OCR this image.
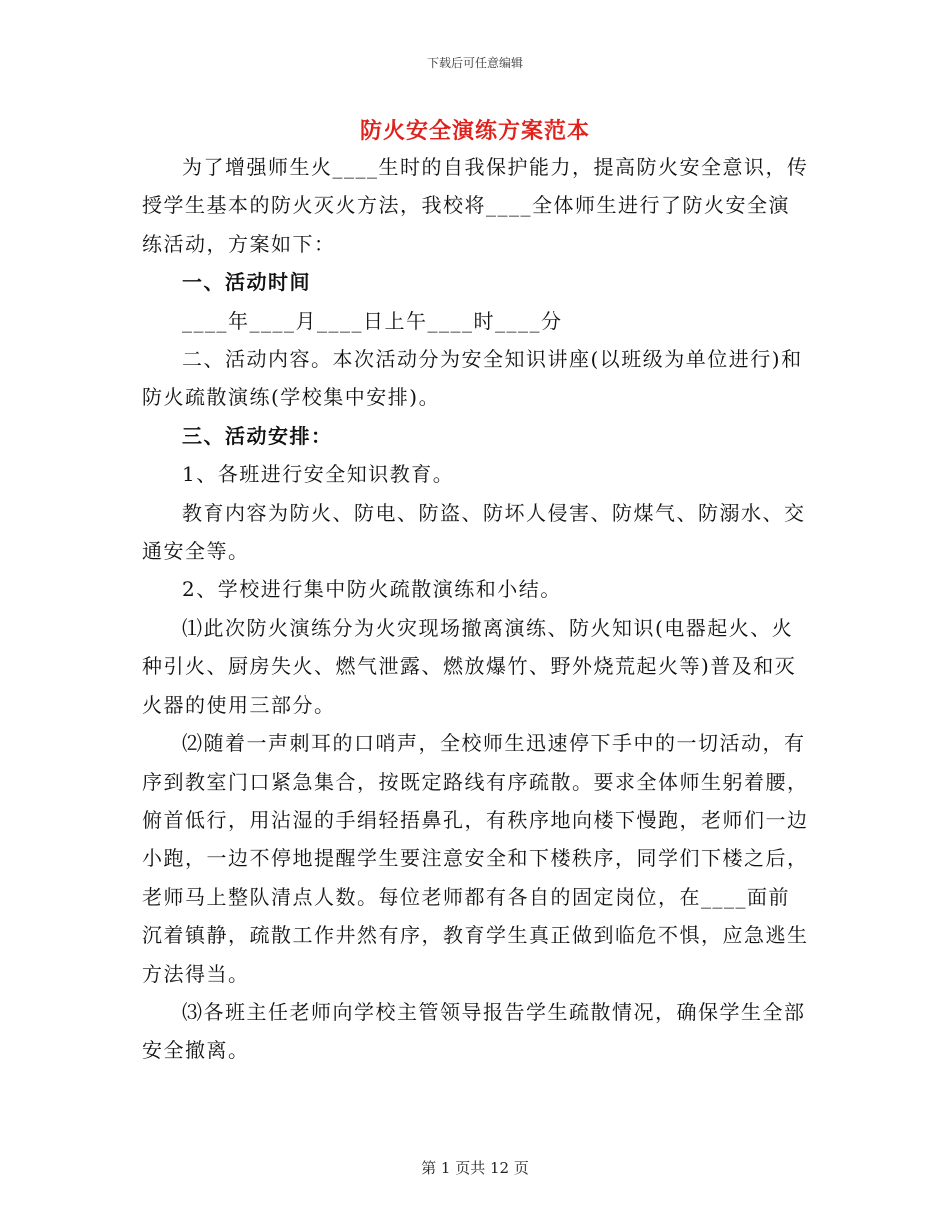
下载后可任意编辑
防火安全演练方案范本

为了增强师生火____生时的自我保护能力，提高防火安全意识，传授学生基本的防火灭火方法，我校将____全体师生进行了防火安全演练活动，方案如下：

一、活动时间

____年____月____日上午____时____分

二、活动内容。本次活动分为安全知识讲座(以班级为单位进行)和防火疏散演练(学校集中安排)。

三、活动安排：

1、各班进行安全知识教育。

教育内容为防火、防电、防盗、防坏人侵害、防煤气、防溺水、交通安全等。

2、学校进行集中防火疏散演练和小结。

⑴此次防火演练分为火灾现场撤离演练、防火知识(电器起火、火种引火、厨房失火、燃气泄露、燃放爆竹、野外烧荒起火等)普及和灭火器的使用三部分。

⑵随着一声刺耳的口哨声，全校师生迅速停下手中的一切活动，有序到教室门口紧急集合，按既定路线有序疏散。要求全体师生躬着腰，俯首低行，用沾湿的手绢轻捂鼻孔，有秩序地向楼下慢跑，老师们一边小跑，一边不停地提醒学生要注意安全和下楼秩序，同学们下楼之后，老师马上整队清点人数。每位老师都有各自的固定岗位，在____面前沉着镇静，疏散工作井然有序，教育学生真正做到临危不惧，应急逃生方法得当。

⑶各班主任老师向学校主管领导报告学生疏散情况，确保学生全部安全撤离。

第 1 页共 12 页
